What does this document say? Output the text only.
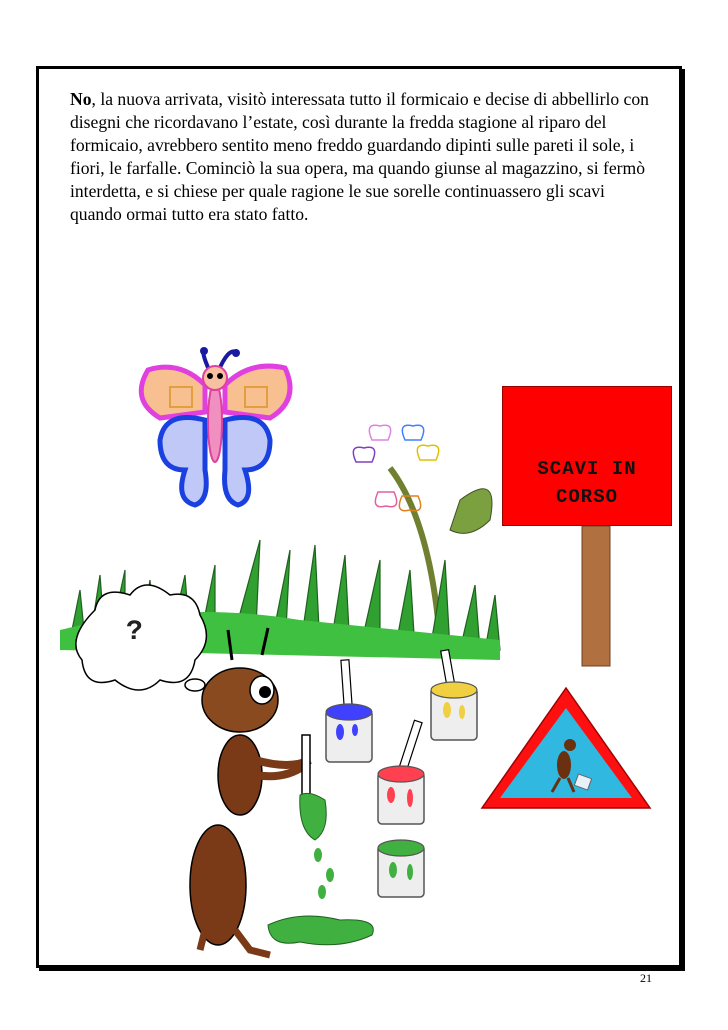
No, la nuova arrivata, visitò interessata tutto il formicaio e decise di abbellirlo con disegni che ricordavano l’estate, così durante la fredda stagione al riparo del formicaio, avrebbero sentito meno freddo guardando dipinti sulle pareti il sole, i fiori, le farfalle. Cominciò la sua opera, ma quando giunse al magazzino, si fermò interdetta, e si chiese per quale ragione le sue sorelle continuassero gli scavi quando ormai tutto era stato fatto.

?
SCAVI IN
CORSO
21
